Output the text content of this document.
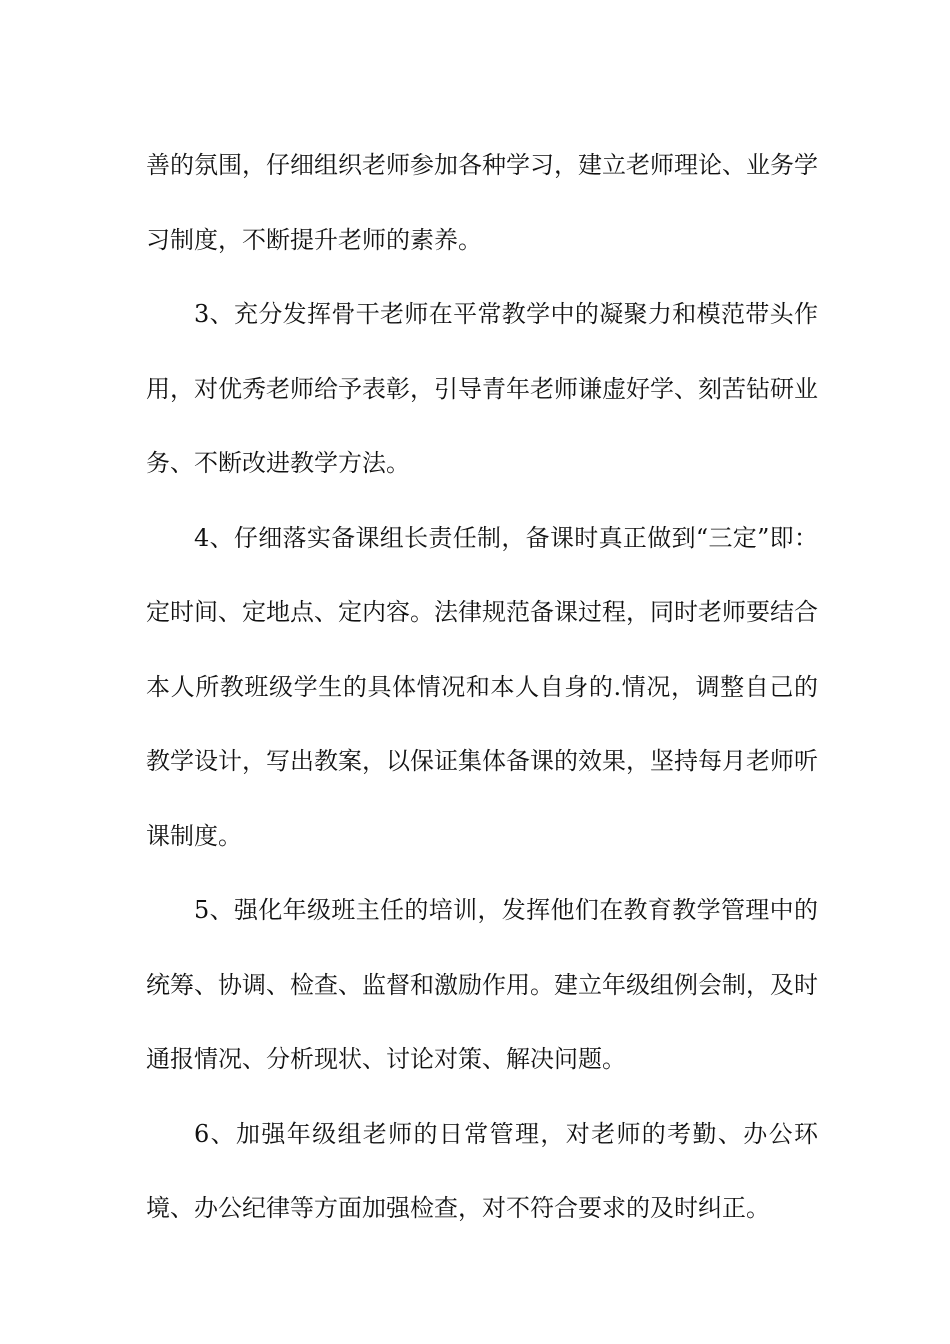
善的氛围，仔细组织老师参加各种学习，建立老师理论、业务学习制度，不断提升老师的素养。

3、充分发挥骨干老师在平常教学中的凝聚力和模范带头作用，对优秀老师给予表彰，引导青年老师谦虚好学、刻苦钻研业务、不断改进教学方法。

4、仔细落实备课组长责任制，备课时真正做到“三定”即：定时间、定地点、定内容。法律规范备课过程，同时老师要结合本人所教班级学生的具体情况和本人自身的.情况，调整自己的教学设计，写出教案，以保证集体备课的效果，坚持每月老师听课制度。

5、强化年级班主任的培训，发挥他们在教育教学管理中的统筹、协调、检查、监督和激励作用。建立年级组例会制，及时通报情况、分析现状、讨论对策、解决问题。

6、加强年级组老师的日常管理，对老师的考勤、办公环境、办公纪律等方面加强检查，对不符合要求的及时纠正。
